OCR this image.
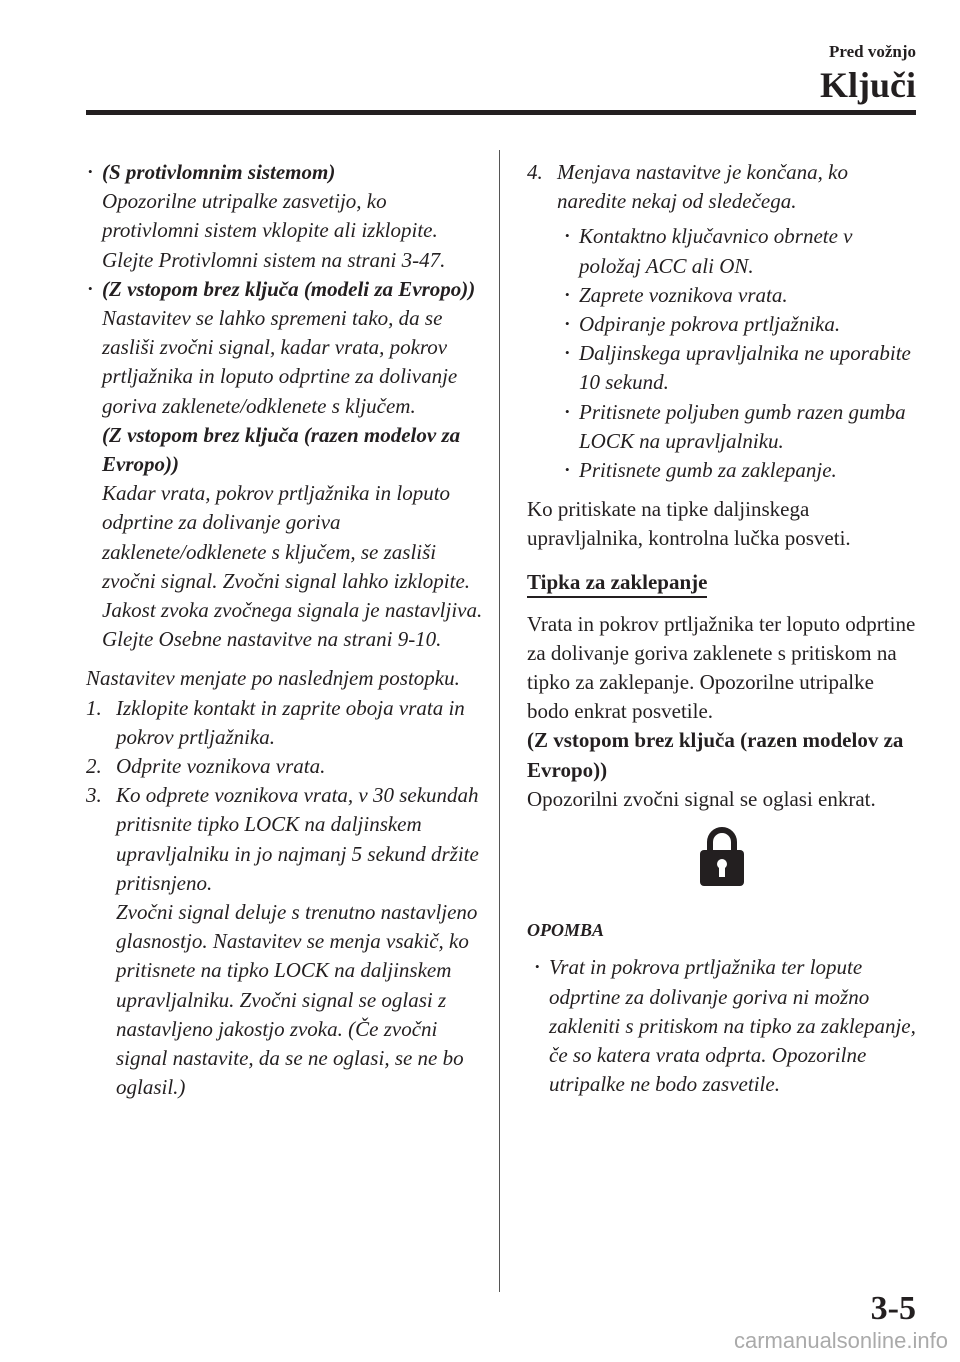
Pred vožnjo
Ključi

• (S protivlomnim sistemom)

Opozorilne utripalke zasvetijo, ko protivlomni sistem vklopite ali izklopite. Glejte Protivlomni sistem na strani 3-47.

• (Z vstopom brez ključa (modeli za Evropo))

Nastavitev se lahko spremeni tako, da se zasliši zvočni signal, kadar vrata, pokrov prtljažnika in loputo odprtine za dolivanje goriva zaklenete/odklenete s ključem.

(Z vstopom brez ključa (razen modelov za Evropo))

Kadar vrata, pokrov prtljažnika in loputo odprtine za dolivanje goriva zaklenete/odklenete s ključem, se zasliši zvočni signal. Zvočni signal lahko izklopite.

Jakost zvoka zvočnega signala je nastavljiva.

Glejte Osebne nastavitve na strani 9-10.

Nastavitev menjate po naslednjem postopku.

1. Izklopite kontakt in zaprite oboja vrata in pokrov prtljažnika.

2. Odprite voznikova vrata.

3. Ko odprete voznikova vrata, v 30 sekundah pritisnite tipko LOCK na daljinskem upravljalniku in jo najmanj 5 sekund držite pritisnjeno.

Zvočni signal deluje s trenutno nastavljeno glasnostjo. Nastavitev se menja vsakič, ko pritisnete na tipko LOCK na daljinskem upravljalniku. Zvočni signal se oglasi z nastavljeno jakostjo zvoka. (Če zvočni signal nastavite, da se ne oglasi, se ne bo oglasil.)

4. Menjava nastavitve je končana, ko naredite nekaj od sledečega.

• Kontaktno ključavnico obrnete v položaj ACC ali ON.

• Zaprete voznikova vrata.

• Odpiranje pokrova prtljažnika.

• Daljinskega upravljalnika ne uporabite 10 sekund.

• Pritisnete poljuben gumb razen gumba LOCK na upravljalniku.

• Pritisnete gumb za zaklepanje.

Ko pritiskate na tipke daljinskega upravljalnika, kontrolna lučka posveti.

Tipka za zaklepanje

Vrata in pokrov prtljažnika ter loputo odprtine za dolivanje goriva zaklenete s pritiskom na tipko za zaklepanje. Opozorilne utripalke bodo enkrat posvetile.

(Z vstopom brez ključa (razen modelov za Evropo))

Opozorilni zvočni signal se oglasi enkrat.

OPOMBA

• Vrat in pokrova prtljažnika ter lopute odprtine za dolivanje goriva ni možno zakleniti s pritiskom na tipko za zaklepanje, če so katera vrata odprta. Opozorilne utripalke ne bodo zasvetile.

3-5
carmanualsonline.info
